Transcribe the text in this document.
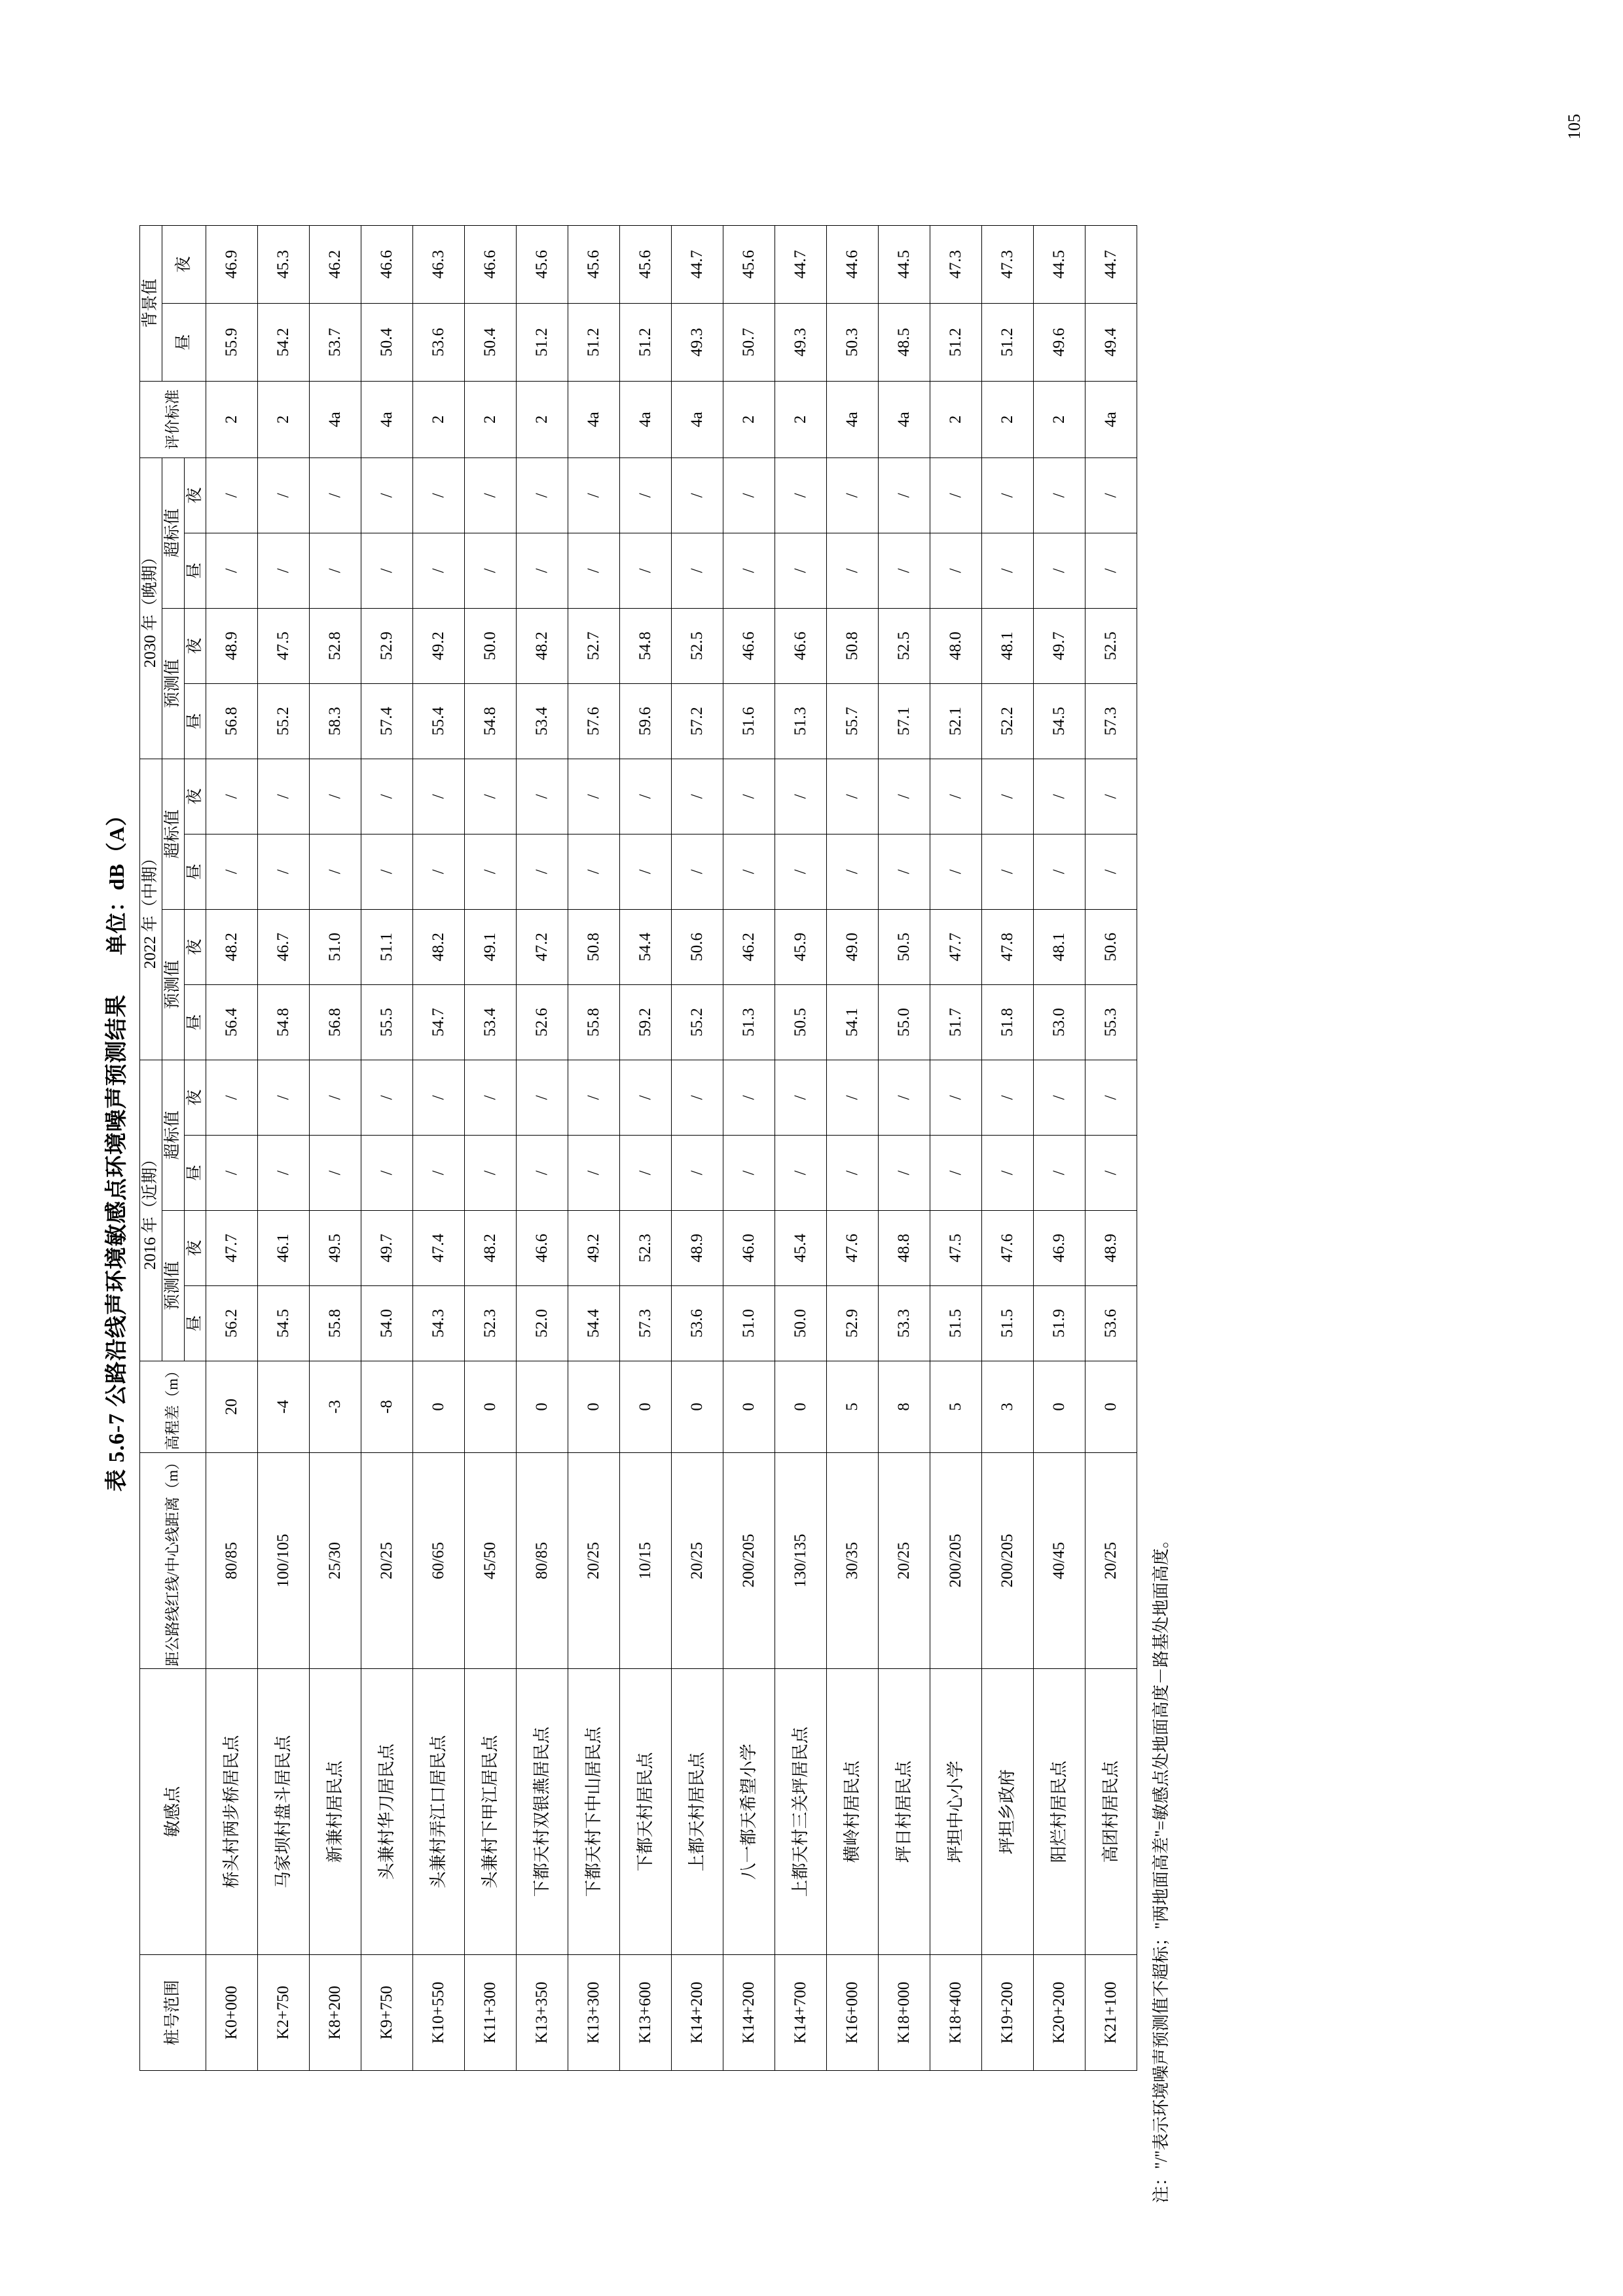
表 5.6-7 公路沿线声环境敏感点环境噪声预测结果
单位：dB（A）
桩号范围	敏感点	距公路线红线/中心线距离（m）	高程差（m）	2016 年（近期）				2022 年（中期）				2030 年（晚期）				评价标准	背景值	
				预测值		超标值		预测值		超标值		预测值		超标值			昼	夜
				昼	夜	昼	夜	昼	夜	昼	夜	昼	夜	昼	夜			
K0+000	桥头村两步桥居民点	80/85	20	56.2	47.7	/	/	56.4	48.2	/	/	56.8	48.9	/	/	2	55.9	46.9
K2+750	马家坝村盘斗居民点	100/105	-4	54.5	46.1	/	/	54.8	46.7	/	/	55.2	47.5	/	/	2	54.2	45.3
K8+200	新兼村居民点	25/30	-3	55.8	49.5	/	/	56.8	51.0	/	/	58.3	52.8	/	/	4a	53.7	46.2
K9+750	头兼村华刀居民点	20/25	-8	54.0	49.7	/	/	55.5	51.1	/	/	57.4	52.9	/	/	4a	50.4	46.6
K10+550	头兼村弄江口居民点	60/65	0	54.3	47.4	/	/	54.7	48.2	/	/	55.4	49.2	/	/	2	53.6	46.3
K11+300	头兼村下甲江居民点	45/50	0	52.3	48.2	/	/	53.4	49.1	/	/	54.8	50.0	/	/	2	50.4	46.6
K13+350	下都天村双银燕居民点	80/85	0	52.0	46.6	/	/	52.6	47.2	/	/	53.4	48.2	/	/	2	51.2	45.6
K13+300	下都天村下中山居民点	20/25	0	54.4	49.2	/	/	55.8	50.8	/	/	57.6	52.7	/	/	4a	51.2	45.6
K13+600	下都天村居民点	10/15	0	57.3	52.3	/	/	59.2	54.4	/	/	59.6	54.8	/	/	4a	51.2	45.6
K14+200	上都天村居民点	20/25	0	53.6	48.9	/	/	55.2	50.6	/	/	57.2	52.5	/	/	4a	49.3	44.7
K14+200	八一都天希望小学	200/205	0	51.0	46.0	/	/	51.3	46.2	/	/	51.6	46.6	/	/	2	50.7	45.6
K14+700	上都天村三关坪居民点	130/135	0	50.0	45.4	/	/	50.5	45.9	/	/	51.3	46.6	/	/	2	49.3	44.7
K16+000	横岭村居民点	30/35	5	52.9	47.6	/	/	54.1	49.0	/	/	55.7	50.8	/	/	4a	50.3	44.6
K18+000	坪日村居民点	20/25	8	53.3	48.8	/	/	55.0	50.5	/	/	57.1	52.5	/	/	4a	48.5	44.5
K18+400	坪坦中心小学	200/205	5	51.5	47.5	/	/	51.7	47.7	/	/	52.1	48.0	/	/	2	51.2	47.3
K19+200	坪坦乡政府	200/205	3	51.5	47.6	/	/	51.8	47.8	/	/	52.2	48.1	/	/	2	51.2	47.3
K20+200	阳烂村居民点	40/45	0	51.9	46.9	/	/	53.0	48.1	/	/	54.5	49.7	/	/	2	49.6	44.5
K21+100	高团村居民点	20/25	0	53.6	48.9	/	/	55.3	50.6	/	/	57.3	52.5	/	/	4a	49.4	44.7
注："/"表示环境噪声预测值不超标；"两地面高差"=敏感点处地面高度－路基处地面高度。
105
